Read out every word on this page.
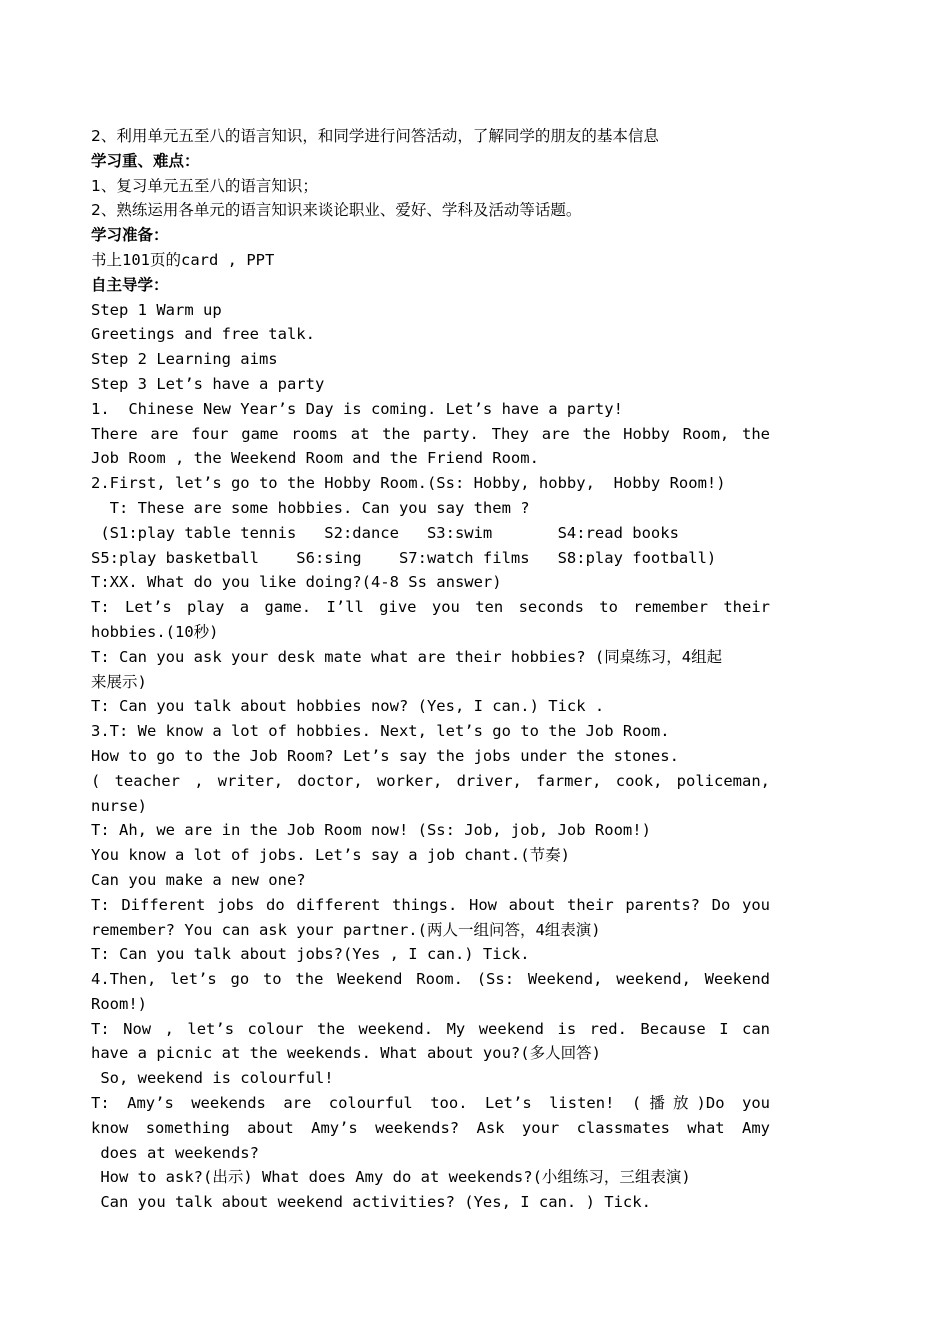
2、利用单元五至八的语言知识，和同学进行问答活动，了解同学的朋友的基本信息
学习重、难点：
1、复习单元五至八的语言知识；
2、熟练运用各单元的语言知识来谈论职业、爱好、学科及活动等话题。
学习准备：
书上101页的card , PPT
自主导学：
Step 1 Warm up
Greetings and free talk.
Step 2 Learning aims
Step 3 Let’s have a party
1.  Chinese New Year’s Day is coming. Let’s have a party!
There are four game rooms at the party. They are the Hobby Room, the
Job Room , the Weekend Room and the Friend Room.
2.First, let’s go to the Hobby Room.(Ss: Hobby, hobby,  Hobby Room!)
T: These are some hobbies. Can you say them ?
(S1:play table tennis   S2:dance   S3:swim       S4:read books
S5:play basketball    S6:sing    S7:watch films   S8:play football)
T:XX. What do you like doing?(4-8 Ss answer)
T: Let’s play a game. I’ll give you ten seconds to remember their
hobbies.(10秒)
T: Can you ask your desk mate what are their hobbies? (同桌练习，4组起
来展示)
T: Can you talk about hobbies now? (Yes, I can.) Tick .
3.T: We know a lot of hobbies. Next, let’s go to the Job Room.
How to go to the Job Room? Let’s say the jobs under the stones.
( teacher , writer, doctor, worker, driver, farmer, cook, policeman,
nurse)
T: Ah, we are in the Job Room now! (Ss: Job, job, Job Room!)
You know a lot of jobs. Let’s say a job chant.(节奏)
Can you make a new one?
T: Different jobs do different things. How about their parents? Do you
remember? You can ask your partner.(两人一组问答，4组表演)
T: Can you talk about jobs?(Yes , I can.) Tick.
4.Then, let’s go to the Weekend Room. (Ss: Weekend, weekend, Weekend
Room!)
T: Now , let’s colour the weekend. My weekend is red. Because I can
have a picnic at the weekends. What about you?(多人回答)
So, weekend is colourful!
T: Amy’s weekends are colourful too. Let’s listen! (播放)Do you
know something about Amy’s weekends? Ask your classmates what Amy
does at weekends?
How to ask?(出示) What does Amy do at weekends?(小组练习，三组表演)
Can you talk about weekend activities? (Yes, I can. ) Tick.
